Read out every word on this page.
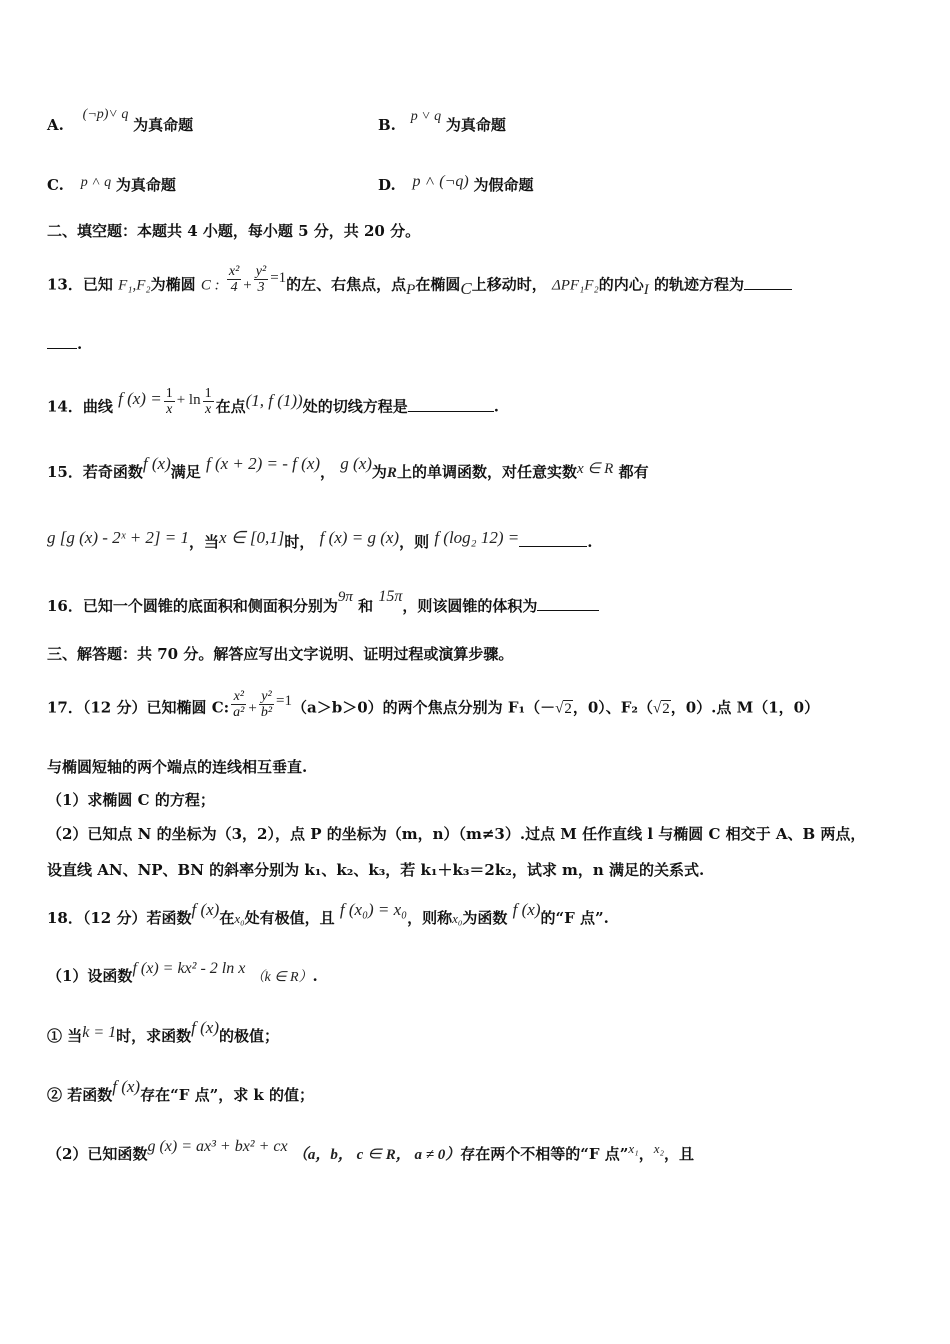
A. (¬p)˅ q 为真命题	B. p ˅ q 为真命题
C. p ˄ q 为真命题	D. p ˄ (¬q) 为假命题
二、填空题：本题共 4 小题，每小题 5 分，共 20 分。
13．已知 F₁,F₂为椭圆 C : $\frac{\text{x²}}{4} + \frac{\text{y²}}{3} =1$的左、右焦点，点P在椭圆C上移动时， ΔPF₁F₂的内心I 的轨迹方程为
.
14．曲线 f $(x) = \frac{1}{x} + \ln \frac{1}{x}$ 在点(1, f (1))处的切线方程是	.
15．若奇函数f (x)满足 f (x + 2) = - f (x)， g (x)为R上的单调函数，对任意实数x ∈ R 都有
g [g (x) - 2ˣ + 2] = 1，当x ∈ [0,1]时， f (x) = g (x)，则 f (log₂ 12) =	.
16．已知一个圆锥的底面积和侧面积分别为9π 和 15π，则该圆锥的体积为
三、解答题：共 70 分。解答应写出文字说明、证明过程或演算步骤。
17．（12 分）已知椭圆 C: $\frac{\text{x²}}{\text{a²}} + \frac{\text{y²}}{\text{b²}} =1(a>b>0)$的两个焦点分别为 F₁（－√2，0）、F₂（√2，0）.点 M（1，0）
与椭圆短轴的两个端点的连线相互垂直.
（1）求椭圆 C 的方程；
（2）已知点 N 的坐标为（3，2），点 P 的坐标为（m，n）（m≠3）.过点 M 任作直线 l 与椭圆 C 相交于 A、B 两点，
设直线 AN、NP、BN 的斜率分别为 k₁、k₂、k₃，若 k₁＋k₃＝2k₂，试求 m，n 满足的关系式.
18．（12 分）若函数f (x)在x₀处有极值，且 f (x₀) = x₀，则称x₀为函数 f (x)的“F 点”.
（1）设函数f (x) = kx² - 2 ln x （k ∈ R）.
① 当k = 1时，求函数f (x)的极值；
② 若函数f (x)存在“F 点”，求 k 的值；
（2）已知函数g (x) = ax³ + bx² + cx （a，b， c ∈ R， a ≠ 0）存在两个不相等的“F 点”x₁，x₂，且
